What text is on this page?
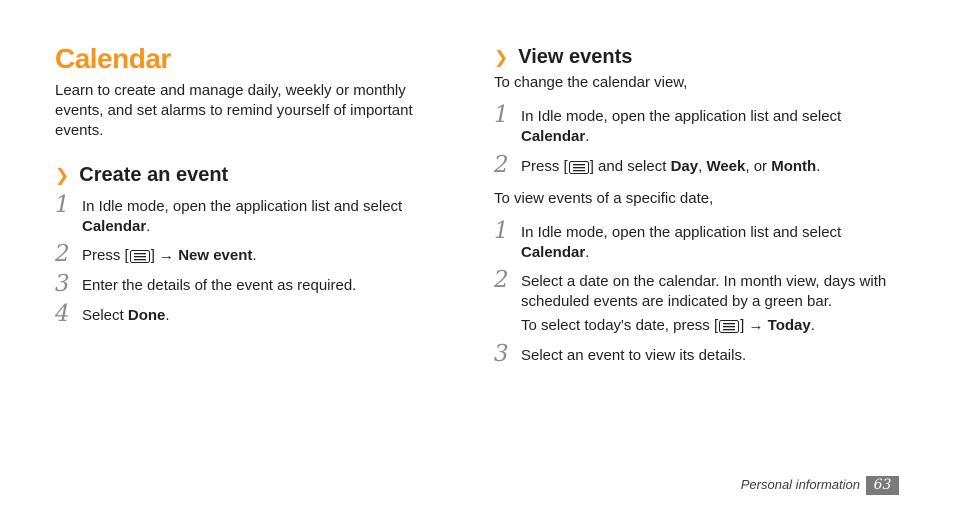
Calendar

Learn to create and manage daily, weekly or monthly events, and set alarms to remind yourself of important events.

❯ Create an event
1 In Idle mode, open the application list and select Calendar.
2 Press [ ] → New event.
3 Enter the details of the event as required.
4 Select Done.
❯ View events
To change the calendar view,
1 In Idle mode, open the application list and select Calendar.
2 Press [ ] and select Day, Week, or Month.
To view events of a specific date,
1 In Idle mode, open the application list and select Calendar.
2 Select a date on the calendar. In month view, days with scheduled events are indicated by a green bar.
To select today's date, press [ ] → Today.
3 Select an event to view its details.
Personal information 63
